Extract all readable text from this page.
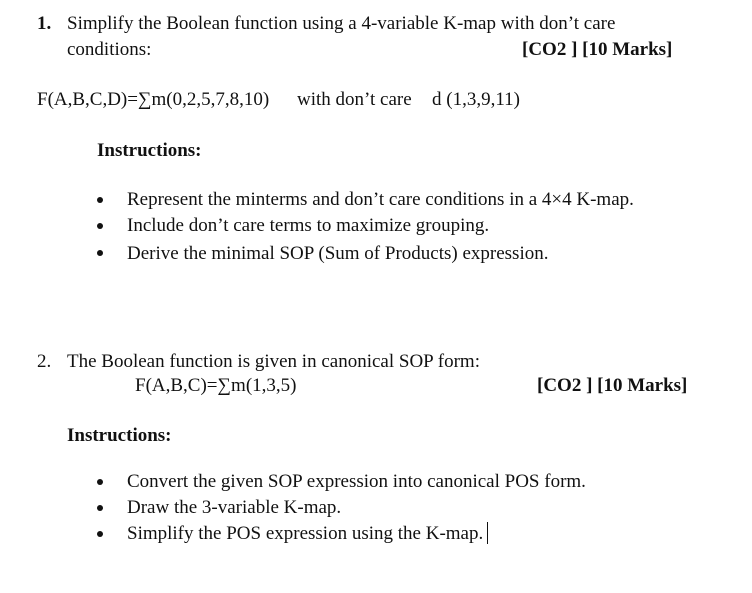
1. Simplify the Boolean function using a 4-variable K-map with don’t care
conditions:	[CO2 ] [10 Marks]
F(A,B,C,D)=∑m(0,2,5,7,8,10) with don’t care d (1,3,9,11)
Instructions:
Represent the minterms and don’t care conditions in a 4×4 K-map.
Include don’t care terms to maximize grouping.
Derive the minimal SOP (Sum of Products) expression.
2. The Boolean function is given in canonical SOP form:
F(A,B,C)=∑m(1,3,5)	[CO2 ] [10 Marks]
Instructions:
Convert the given SOP expression into canonical POS form.
Draw the 3-variable K-map.
Simplify the POS expression using the K-map.
